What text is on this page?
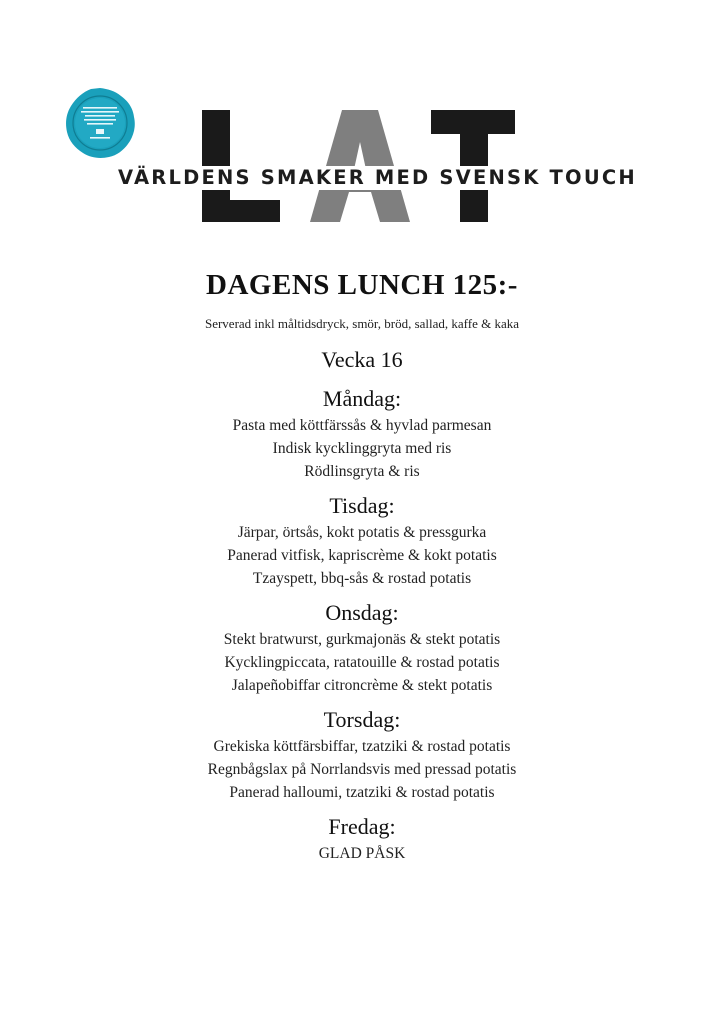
VÄRLDENS SMAKER MED SVENSK TOUCH
DAGENS LUNCH 125:-

Serverad inkl måltidsdryck, smör, bröd, sallad, kaffe & kaka

Vecka 16

Måndag:

Pasta med köttfärssås & hyvlad parmesan

Indisk kycklinggryta med ris

Rödlinsgryta & ris

Tisdag:

Järpar, örtsås, kokt potatis & pressgurka

Panerad vitfisk, kapriscrème & kokt potatis

Tzayspett, bbq-sås & rostad potatis

Onsdag:

Stekt bratwurst, gurkmajonäs & stekt potatis

Kycklingpiccata, ratatouille & rostad potatis

Jalapeñobiffar citroncrème & stekt potatis

Torsdag:

Grekiska köttfärsbiffar, tzatziki & rostad potatis

Regnbågslax på Norrlandsvis med pressad potatis

Panerad halloumi, tzatziki & rostad potatis

Fredag:

GLAD PÅSK
